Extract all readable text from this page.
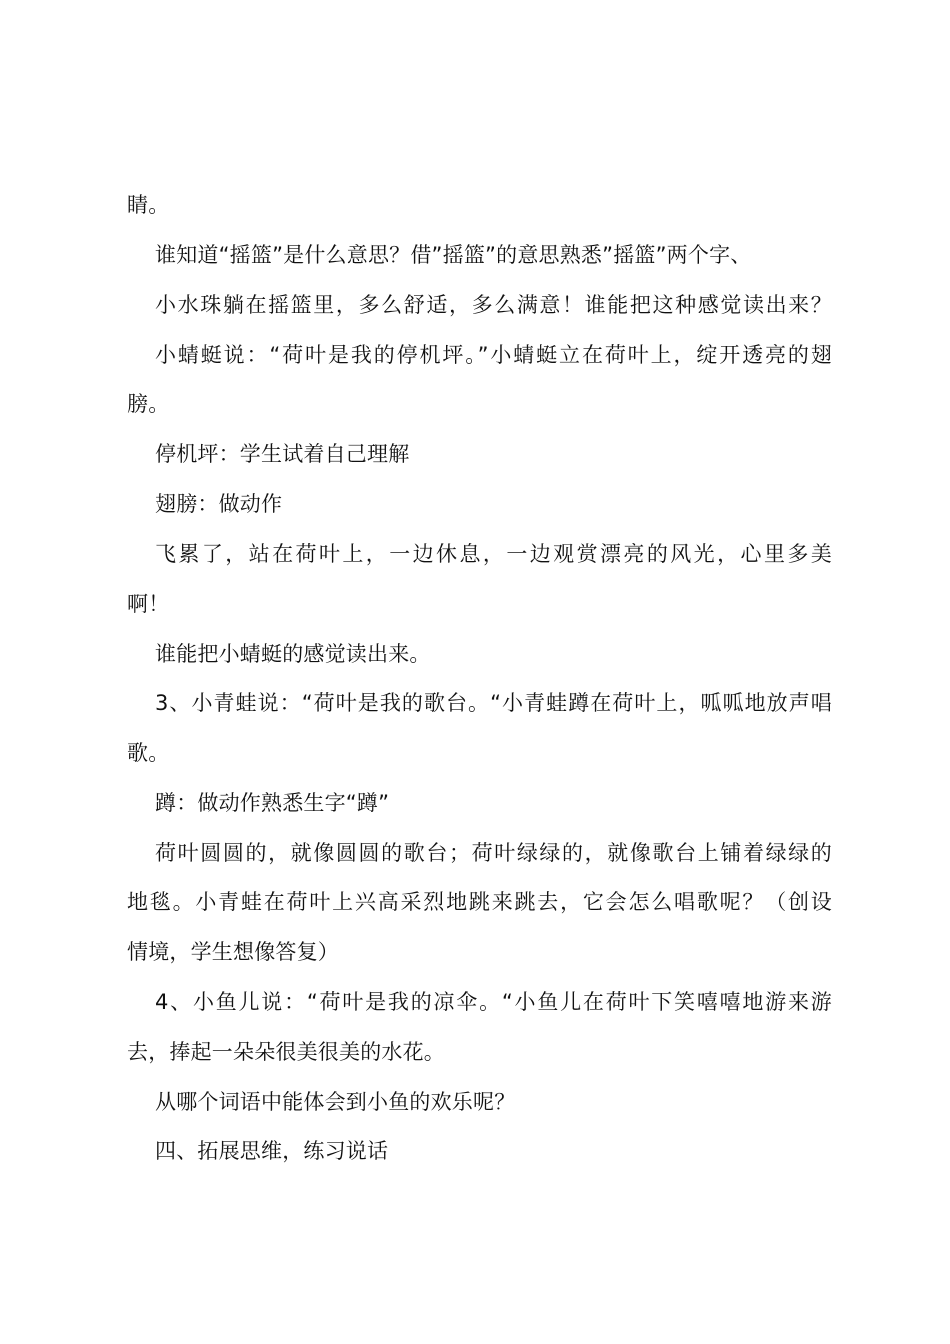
睛。
谁知道“摇篮”是什么意思？借”摇篮”的意思熟悉”摇篮”两个字、
小水珠躺在摇篮里，多么舒适，多么满意！谁能把这种感觉读出来？
小蜻蜓说：“荷叶是我的停机坪。”小蜻蜓立在荷叶上，绽开透亮的翅
膀。
停机坪：学生试着自己理解
翅膀：做动作
飞累了，站在荷叶上，一边休息，一边观赏漂亮的风光，心里多美
啊！
谁能把小蜻蜓的感觉读出来。
3、小青蛙说：“荷叶是我的歌台。“小青蛙蹲在荷叶上，呱呱地放声唱
歌。
蹲：做动作熟悉生字“蹲”
荷叶圆圆的，就像圆圆的歌台；荷叶绿绿的，就像歌台上铺着绿绿的
地毯。小青蛙在荷叶上兴高采烈地跳来跳去，它会怎么唱歌呢？（创设
情境，学生想像答复）
4、小鱼儿说：“荷叶是我的凉伞。“小鱼儿在荷叶下笑嘻嘻地游来游
去，捧起一朵朵很美很美的水花。
从哪个词语中能体会到小鱼的欢乐呢？
四、拓展思维，练习说话
